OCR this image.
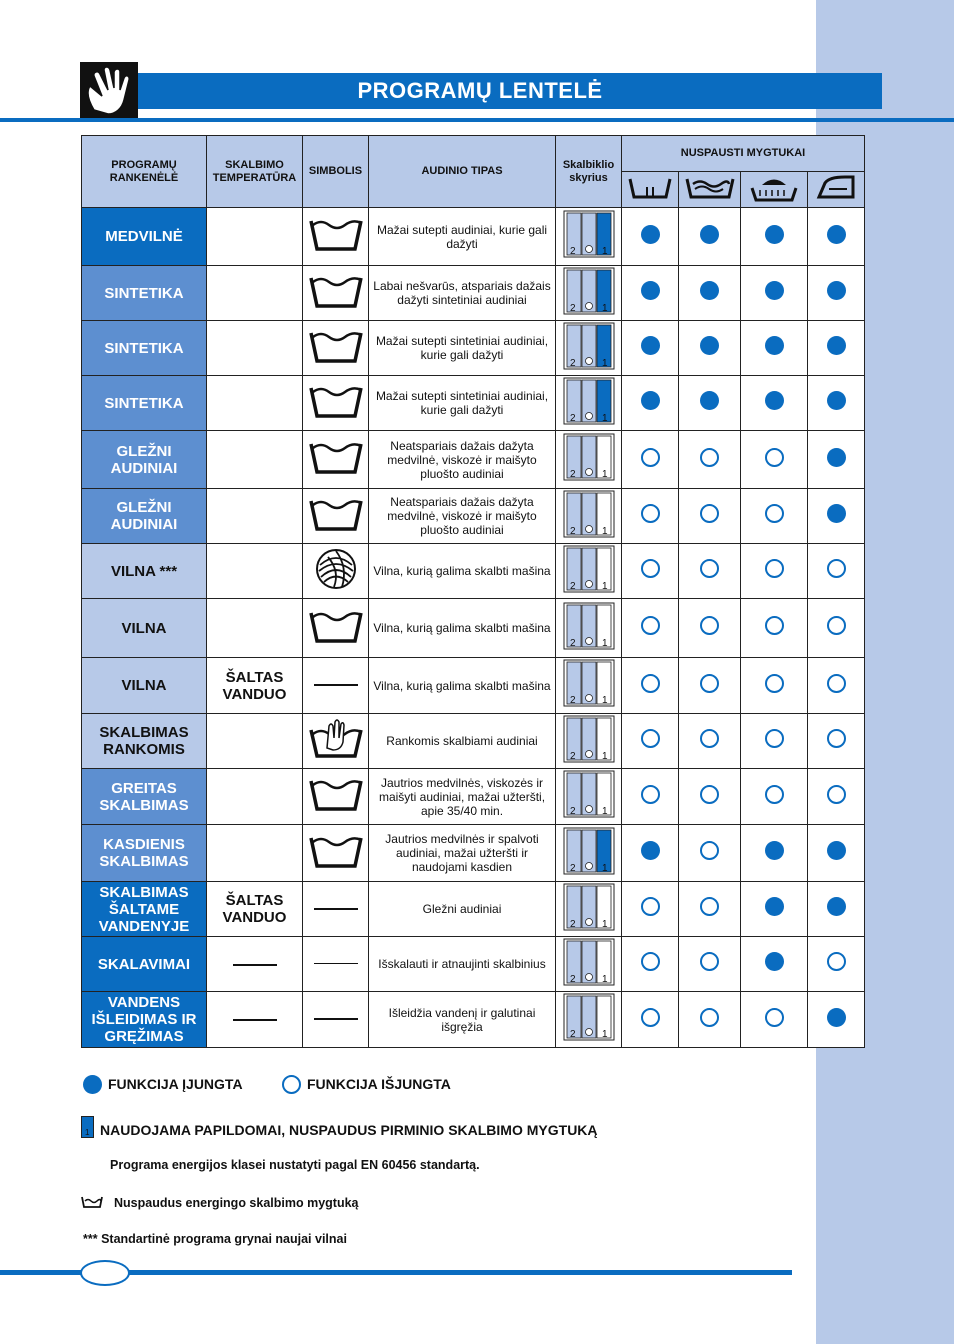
PROGRAMŲ LENTELĖ
PROGRAMŲ RANKENĖLĖ	SKALBIMO TEMPERATŪRA	SIMBOLIS	AUDINIO TIPAS	Skalbiklio skyrius	NUSPAUSTI MYGTUKAI			

MEDVILNĖ			Mažai sutepti audiniai, kurie gali dažyti	2 1				

SINTETIKA			Labai nešvarūs, atspariais dažais dažyti sintetiniai audiniai	2 1				

SINTETIKA			Mažai sutepti sintetiniai audiniai, kurie gali dažyti	2 1				

SINTETIKA			Mažai sutepti sintetiniai audiniai, kurie gali dažyti	2 1				

GLEŽNI AUDINIAI			Neatspariais dažais dažyta medvilnė, viskozė ir maišyto pluošto audiniai	2 1				

GLEŽNI AUDINIAI			Neatspariais dažais dažyta medvilnė, viskozė ir maišyto pluošto audiniai	2 1				

VILNA ***			Vilna, kurią galima skalbti mašina	2 1				

VILNA			Vilna, kurią galima skalbti mašina	2 1				

VILNA	ŠALTAS VANDUO		Vilna, kurią galima skalbti mašina	2 1				

SKALBIMAS RANKOMIS			Rankomis skalbiami audiniai	2 1				

GREITAS SKALBIMAS			Jautrios medvilnės, viskozės ir maišyti audiniai, mažai užteršti, apie 35/40 min.	2 1				

KASDIENIS SKALBIMAS			Jautrios medvilnės ir spalvoti audiniai, mažai užteršti ir naudojami kasdien	2 1				

SKALBIMAS ŠALTAME VANDENYJE	ŠALTAS VANDUO		Gležni audiniai	2 1				

SKALAVIMAI			Išskalauti ir atnaujinti skalbinius	2 1				

VANDENS IŠLEIDIMAS IR GRĘŽIMAS			Išleidžia vandenį ir galutinai išgręžia	2 1				

FUNKCIJA ĮJUNGTA	FUNKCIJA IŠJUNGTA
1 NAUDOJAMA PAPILDOMAI, NUSPAUDUS PIRMINIO SKALBIMO MYGTUKĄ
Programa energijos klasei nustatyti pagal EN 60456 standartą.
Nuspaudus energingo skalbimo mygtuką
*** Standartinė programa grynai naujai vilnai
